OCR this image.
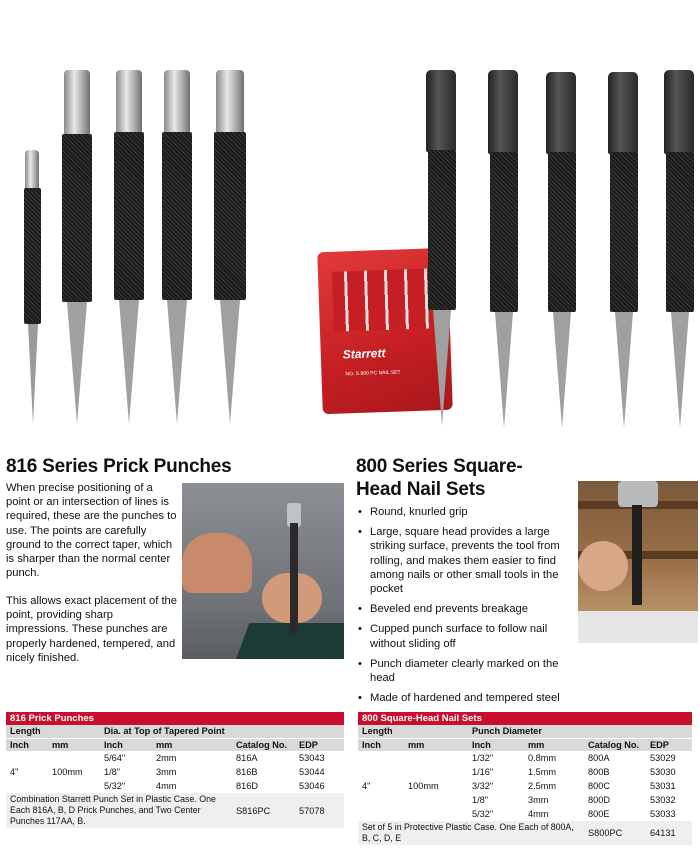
Starrett
NO. S 800 PC NAIL SET
816 Series Prick Punches

When precise positioning of a point or an intersection of lines is required, these are the punches to use. The points are carefully ground to the correct taper, which is sharper than the normal center punch.

This allows exact placement of the point, providing sharp impressions. These punches are properly hardened, tempered, and nicely finished.

800 Series Square-
Head Nail Sets
• Round, knurled grip
• Large, square head provides a large striking surface, prevents the tool from rolling, and makes them easier to find among nails or other small tools in the pocket
• Beveled end prevents breakage
• Cupped punch surface to follow nail without sliding off
• Punch diameter clearly marked on the head
• Made of hardened and tempered steel
816 Prick Punches
Length		Dia. at Top of Tapered Point			
Inch	mm	Inch	mm	Catalog No.	EDP
4"	100mm	5/64"	2mm	816A	53043
		1/8"	3mm	816B	53044
		5/32"	4mm	816D	53046
Combination Starrett Punch Set in Plastic Case. One Each 816A, B, D Prick Punches, and Two Center Punches 117AA, B.				S816PC	57078
800 Square-Head Nail Sets
Length		Punch Diameter			
Inch	mm	Inch	mm	Catalog No.	EDP
4"	100mm	1/32"	0.8mm	800A	53029
		1/16"	1.5mm	800B	53030
		3/32"	2.5mm	800C	53031
		1/8"	3mm	800D	53032
		5/32"	4mm	800E	53033
Set of 5 in Protective Plastic Case. One Each of 800A, B, C, D, E				S800PC	64131
